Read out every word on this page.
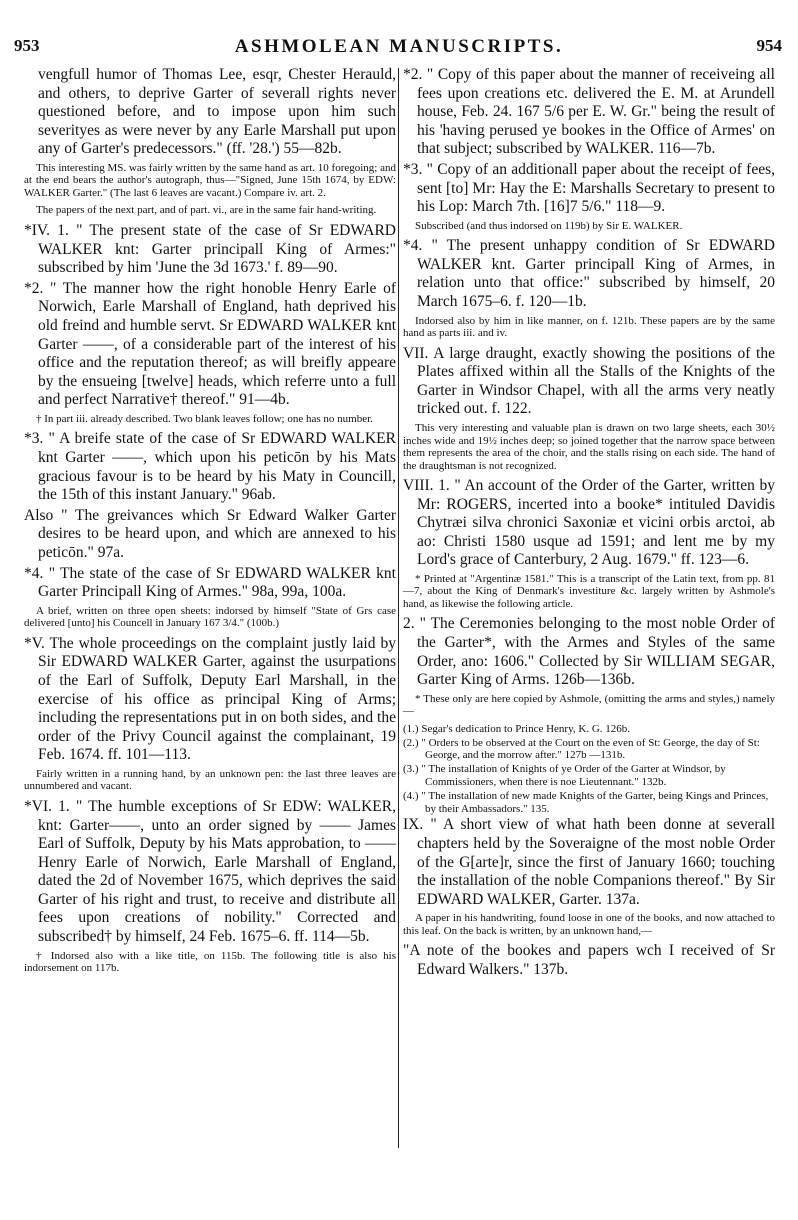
953	ASHMOLEAN MANUSCRIPTS.	954

vengfull humor of Thomas Lee, esqr, Chester Herauld, and others, to deprive Garter of severall rights never questioned before, and to impose upon him such severityes as were never by any Earle Marshall put upon any of Garter's predecessors." (ff. '28.') 55—82b.

This interesting MS. was fairly written by the same hand as art. 10 foregoing; and at the end bears the author's autograph, thus—"Signed, June 15th 1674, by EDW: WALKER Garter." (The last 6 leaves are vacant.) Compare iv. art. 2.

The papers of the next part, and of part. vi., are in the same fair hand-writing.

*IV. 1. " The present state of the case of Sr EDWARD WALKER knt: Garter principall King of Armes:" subscribed by him 'June the 3d 1673.' f. 89—90.

*2. " The manner how the right honoble Henry Earle of Norwich, Earle Marshall of England, hath deprived his old freind and humble servt. Sr EDWARD WALKER knt Garter ——, of a considerable part of the interest of his office and the reputation thereof; as will breifly appeare by the ensueing [twelve] heads, which referre unto a full and perfect Narrative† thereof." 91—4b.

† In part iii. already described. Two blank leaves follow; one has no number.

*3. " A breife state of the case of Sr EDWARD WALKER knt Garter ——, which upon his peticōn by his Mats gracious favour is to be heard by his Maty in Councill, the 15th of this instant January." 96ab.

Also " The greivances which Sr Edward Walker Garter desires to be heard upon, and which are annexed to his peticōn." 97a.

*4. " The state of the case of Sr EDWARD WALKER knt Garter Principall King of Armes." 98a, 99a, 100a.

A brief, written on three open sheets: indorsed by himself "State of Grs case delivered [unto] his Councell in January 167 3/4." (100b.)

*V. The whole proceedings on the complaint justly laid by Sir EDWARD WALKER Garter, against the usurpations of the Earl of Suffolk, Deputy Earl Marshall, in the exercise of his office as principal King of Arms; including the representations put in on both sides, and the order of the Privy Council against the complainant, 19 Feb. 1674. ff. 101—113.

Fairly written in a running hand, by an unknown pen: the last three leaves are unnumbered and vacant.

*VI. 1. " The humble exceptions of Sr EDW: WALKER, knt: Garter——, unto an order signed by —— James Earl of Suffolk, Deputy by his Mats approbation, to —— Henry Earle of Norwich, Earle Marshall of England, dated the 2d of November 1675, which deprives the said Garter of his right and trust, to receive and distribute all fees upon creations of nobility." Corrected and subscribed† by himself, 24 Feb. 1675–6. ff. 114—5b.

† Indorsed also with a like title, on 115b. The following title is also his indorsement on 117b.

*2. " Copy of this paper about the manner of receiveing all fees upon creations etc. delivered the E. M. at Arundell house, Feb. 24. 167 5/6 per E. W. Gr." being the result of his 'having perused ye bookes in the Office of Armes' on that subject; subscribed by WALKER. 116—7b.

*3. " Copy of an additionall paper about the receipt of fees, sent [to] Mr: Hay the E: Marshalls Secretary to present to his Lop: March 7th. [16]7 5/6." 118—9.

Subscribed (and thus indorsed on 119b) by Sir E. WALKER.

*4. " The present unhappy condition of Sr EDWARD WALKER knt. Garter principall King of Armes, in relation unto that office:" subscribed by himself, 20 March 1675–6. f. 120—1b.

Indorsed also by him in like manner, on f. 121b. These papers are by the same hand as parts iii. and iv.

VII. A large draught, exactly showing the positions of the Plates affixed within all the Stalls of the Knights of the Garter in Windsor Chapel, with all the arms very neatly tricked out. f. 122.

This very interesting and valuable plan is drawn on two large sheets, each 30½ inches wide and 19½ inches deep; so joined together that the narrow space between them represents the area of the choir, and the stalls rising on each side. The hand of the draughtsman is not recognized.

VIII. 1. " An account of the Order of the Garter, written by Mr: ROGERS, incerted into a booke* intituled Davidis Chytræi silva chronici Saxoniæ et vicini orbis arctoi, ab ao: Christi 1580 usque ad 1591; and lent me by my Lord's grace of Canterbury, 2 Aug. 1679." ff. 123—6.

* Printed at "Argentinæ 1581." This is a transcript of the Latin text, from pp. 81—7, about the King of Denmark's investiture &c. largely written by Ashmole's hand, as likewise the following article.

2. " The Ceremonies belonging to the most noble Order of the Garter*, with the Armes and Styles of the same Order, ano: 1606." Collected by Sir WILLIAM SEGAR, Garter King of Arms. 126b—136b.

* These only are here copied by Ashmole, (omitting the arms and styles,) namely—

(1.) Segar's dedication to Prince Henry, K. G. 126b.

(2.) " Orders to be observed at the Court on the even of St: George, the day of St: George, and the morrow after." 127b —131b.

(3.) " The installation of Knights of ye Order of the Garter at Windsor, by Commissioners, when there is noe Lieutennant." 132b.

(4.) " The installation of new made Knights of the Garter, being Kings and Princes, by their Ambassadors." 135.

IX. " A short view of what hath been donne at severall chapters held by the Soveraigne of the most noble Order of the G[arte]r, since the first of January 1660; touching the installation of the noble Companions thereof." By Sir EDWARD WALKER, Garter. 137a.

A paper in his handwriting, found loose in one of the books, and now attached to this leaf. On the back is written, by an unknown hand,—

"A note of the bookes and papers wch I received of Sr Edward Walkers." 137b.
